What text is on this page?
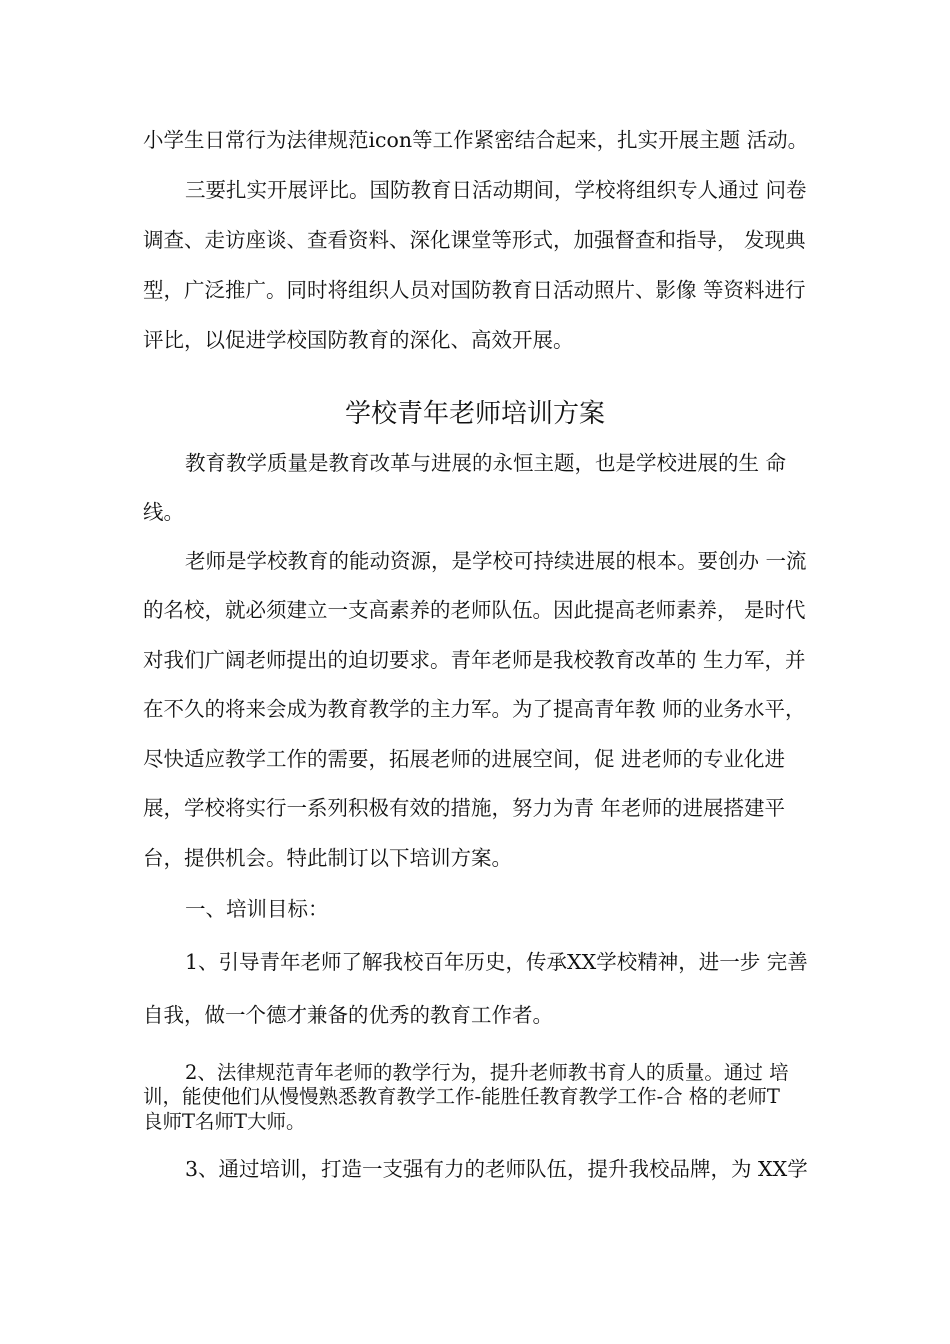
小学生日常行为法律规范icon等工作紧密结合起来，扎实开展主题 活动。
三要扎实开展评比。国防教育日活动期间，学校将组织专人通过 问卷
调查、走访座谈、查看资料、深化课堂等形式，加强督查和指导， 发现典
型，广泛推广。同时将组织人员对国防教育日活动照片、影像 等资料进行
评比，以促进学校国防教育的深化、高效开展。
学校青年老师培训方案
教育教学质量是教育改革与进展的永恒主题，也是学校进展的生 命
线。
老师是学校教育的能动资源，是学校可持续进展的根本。要创办 一流
的名校，就必须建立一支高素养的老师队伍。因此提高老师素养， 是时代
对我们广阔老师提出的迫切要求。青年老师是我校教育改革的 生力军，并
在不久的将来会成为教育教学的主力军。为了提高青年教 师的业务水平，
尽快适应教学工作的需要，拓展老师的进展空间，促 进老师的专业化进
展，学校将实行一系列积极有效的措施，努力为青 年老师的进展搭建平
台，提供机会。特此制订以下培训方案。
一、培训目标：
1、引导青年老师了解我校百年历史，传承XX学校精神，进一步 完善
自我，做一个德才兼备的优秀的教育工作者。
2、法律规范青年老师的教学行为，提升老师教书育人的质量。通过 培
训，能使他们从慢慢熟悉教育教学工作-能胜任教育教学工作-合 格的老师T
良师T名师T大师。
3、通过培训，打造一支强有力的老师队伍，提升我校品牌，为 XX学
